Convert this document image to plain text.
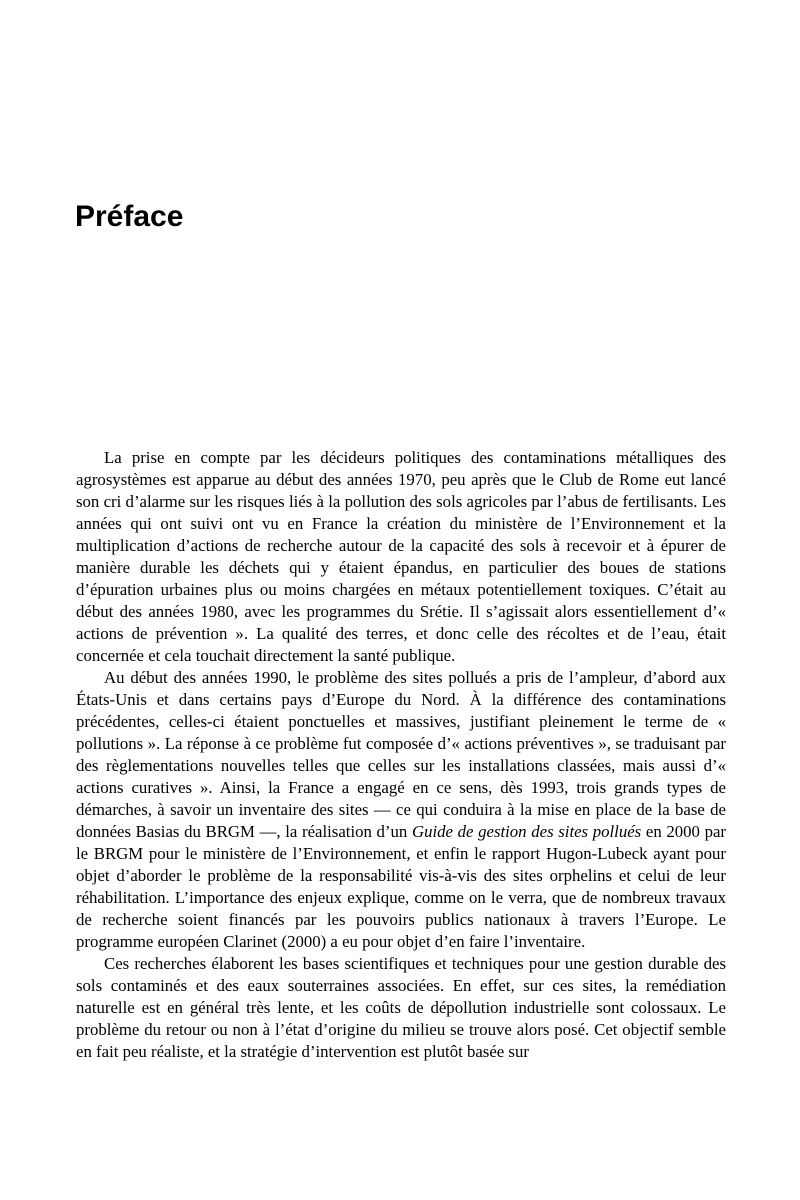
Préface

La prise en compte par les décideurs politiques des contaminations métalliques des agrosystèmes est apparue au début des années 1970, peu après que le Club de Rome eut lancé son cri d’alarme sur les risques liés à la pollution des sols agricoles par l’abus de fertilisants. Les années qui ont suivi ont vu en France la création du ministère de l’Environnement et la multiplication d’actions de recherche autour de la capacité des sols à recevoir et à épurer de manière durable les déchets qui y étaient épandus, en particulier des boues de stations d’épuration urbaines plus ou moins chargées en métaux potentiellement toxiques. C’était au début des années 1980, avec les programmes du Srétie. Il s’agissait alors essentiellement d’« actions de prévention ». La qualité des terres, et donc celle des récoltes et de l’eau, était concernée et cela touchait directement la santé publique.

Au début des années 1990, le problème des sites pollués a pris de l’ampleur, d’abord aux États-Unis et dans certains pays d’Europe du Nord. À la différence des contaminations précédentes, celles-ci étaient ponctuelles et massives, justifiant pleinement le terme de « pollutions ». La réponse à ce problème fut composée d’« actions préventives », se traduisant par des règlementations nouvelles telles que celles sur les installations classées, mais aussi d’« actions curatives ». Ainsi, la France a engagé en ce sens, dès 1993, trois grands types de démarches, à savoir un inventaire des sites — ce qui conduira à la mise en place de la base de données Basias du BRGM —, la réalisation d’un Guide de gestion des sites pollués en 2000 par le BRGM pour le ministère de l’Environnement, et enfin le rapport Hugon-Lubeck ayant pour objet d’aborder le problème de la responsabilité vis-à-vis des sites orphelins et celui de leur réhabilitation. L’importance des enjeux explique, comme on le verra, que de nombreux travaux de recherche soient financés par les pouvoirs publics nationaux à travers l’Europe. Le programme européen Clarinet (2000) a eu pour objet d’en faire l’inventaire.

Ces recherches élaborent les bases scientifiques et techniques pour une gestion durable des sols contaminés et des eaux souterraines associées. En effet, sur ces sites, la remédiation naturelle est en général très lente, et les coûts de dépollution industrielle sont colossaux. Le problème du retour ou non à l’état d’origine du milieu se trouve alors posé. Cet objectif semble en fait peu réaliste, et la stratégie d’intervention est plutôt basée sur
